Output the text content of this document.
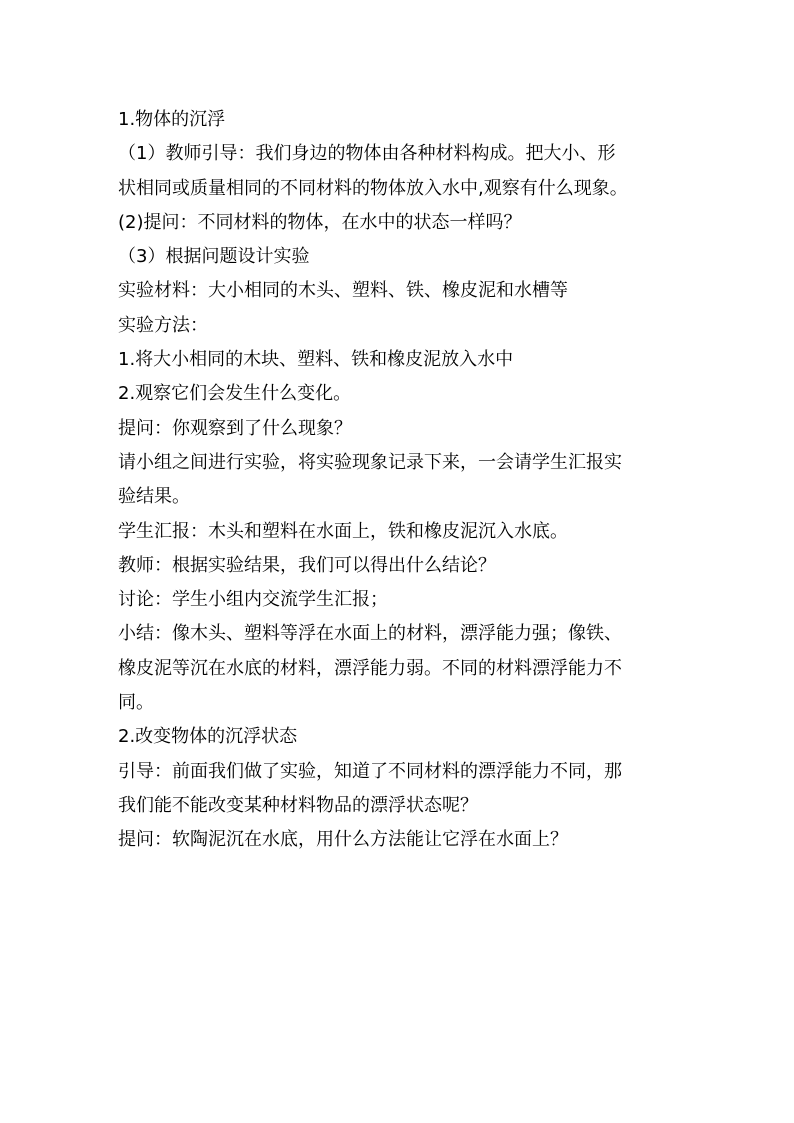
1.物体的沉浮
（1）教师引导：我们身边的物体由各种材料构成。把大小、形
状相同或质量相同的不同材料的物体放入水中,观察有什么现象。
(2)提问：不同材料的物体，在水中的状态一样吗？
（3）根据问题设计实验
实验材料：大小相同的木头、塑料、铁、橡皮泥和水槽等
实验方法：
1.将大小相同的木块、塑料、铁和橡皮泥放入水中
2.观察它们会发生什么变化。
提问：你观察到了什么现象？
请小组之间进行实验，将实验现象记录下来，一会请学生汇报实
验结果。
学生汇报：木头和塑料在水面上，铁和橡皮泥沉入水底。
教师：根据实验结果，我们可以得出什么结论？
讨论：学生小组内交流学生汇报；
小结：像木头、塑料等浮在水面上的材料，漂浮能力强；像铁、
橡皮泥等沉在水底的材料，漂浮能力弱。不同的材料漂浮能力不
同。
2.改变物体的沉浮状态
引导：前面我们做了实验，知道了不同材料的漂浮能力不同，那
我们能不能改变某种材料物品的漂浮状态呢？
提问：软陶泥沉在水底，用什么方法能让它浮在水面上？
